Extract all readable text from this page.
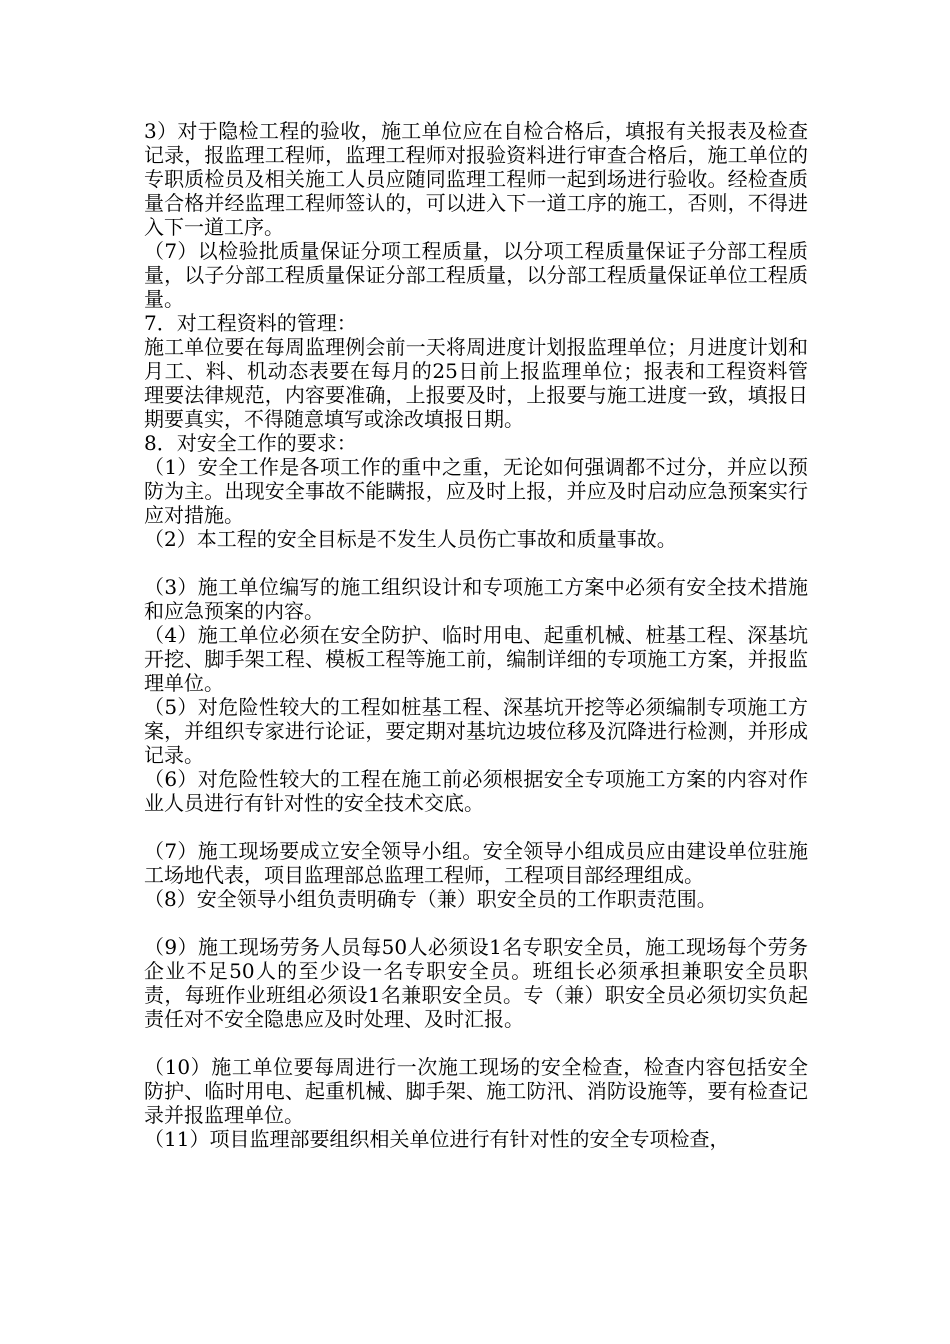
3）对于隐检工程的验收，施工单位应在自检合格后，填报有关报表及检查记录，报监理工程师，监理工程师对报验资料进行审查合格后，施工单位的专职质检员及相关施工人员应随同监理工程师一起到场进行验收。经检查质量合格并经监理工程师签认的，可以进入下一道工序的施工，否则，不得进入下一道工序。

（7）以检验批质量保证分项工程质量，以分项工程质量保证子分部工程质量，以子分部工程质量保证分部工程质量，以分部工程质量保证单位工程质量。

7．对工程资料的管理：

施工单位要在每周监理例会前一天将周进度计划报监理单位；月进度计划和月工、料、机动态表要在每月的25日前上报监理单位；报表和工程资料管理要法律规范，内容要准确，上报要及时，上报要与施工进度一致，填报日期要真实，不得随意填写或涂改填报日期。

8．对安全工作的要求：

（1）安全工作是各项工作的重中之重，无论如何强调都不过分，并应以预防为主。出现安全事故不能瞒报，应及时上报，并应及时启动应急预案实行应对措施。

（2）本工程的安全目标是不发生人员伤亡事故和质量事故。

（3）施工单位编写的施工组织设计和专项施工方案中必须有安全技术措施和应急预案的内容。

（4）施工单位必须在安全防护、临时用电、起重机械、桩基工程、深基坑开挖、脚手架工程、模板工程等施工前，编制详细的专项施工方案，并报监理单位。

（5）对危险性较大的工程如桩基工程、深基坑开挖等必须编制专项施工方案，并组织专家进行论证，要定期对基坑边坡位移及沉降进行检测，并形成记录。

（6）对危险性较大的工程在施工前必须根据安全专项施工方案的内容对作业人员进行有针对性的安全技术交底。

（7）施工现场要成立安全领导小组。安全领导小组成员应由建设单位驻施工场地代表，项目监理部总监理工程师，工程项目部经理组成。

（8）安全领导小组负责明确专（兼）职安全员的工作职责范围。

（9）施工现场劳务人员每50人必须设1名专职安全员，施工现场每个劳务企业不足50人的至少设一名专职安全员。班组长必须承担兼职安全员职责，每班作业班组必须设1名兼职安全员。专（兼）职安全员必须切实负起责任对不安全隐患应及时处理、及时汇报。

（10）施工单位要每周进行一次施工现场的安全检查，检查内容包括安全防护、临时用电、起重机械、脚手架、施工防汛、消防设施等，要有检查记录并报监理单位。

（11）项目监理部要组织相关单位进行有针对性的安全专项检查，
